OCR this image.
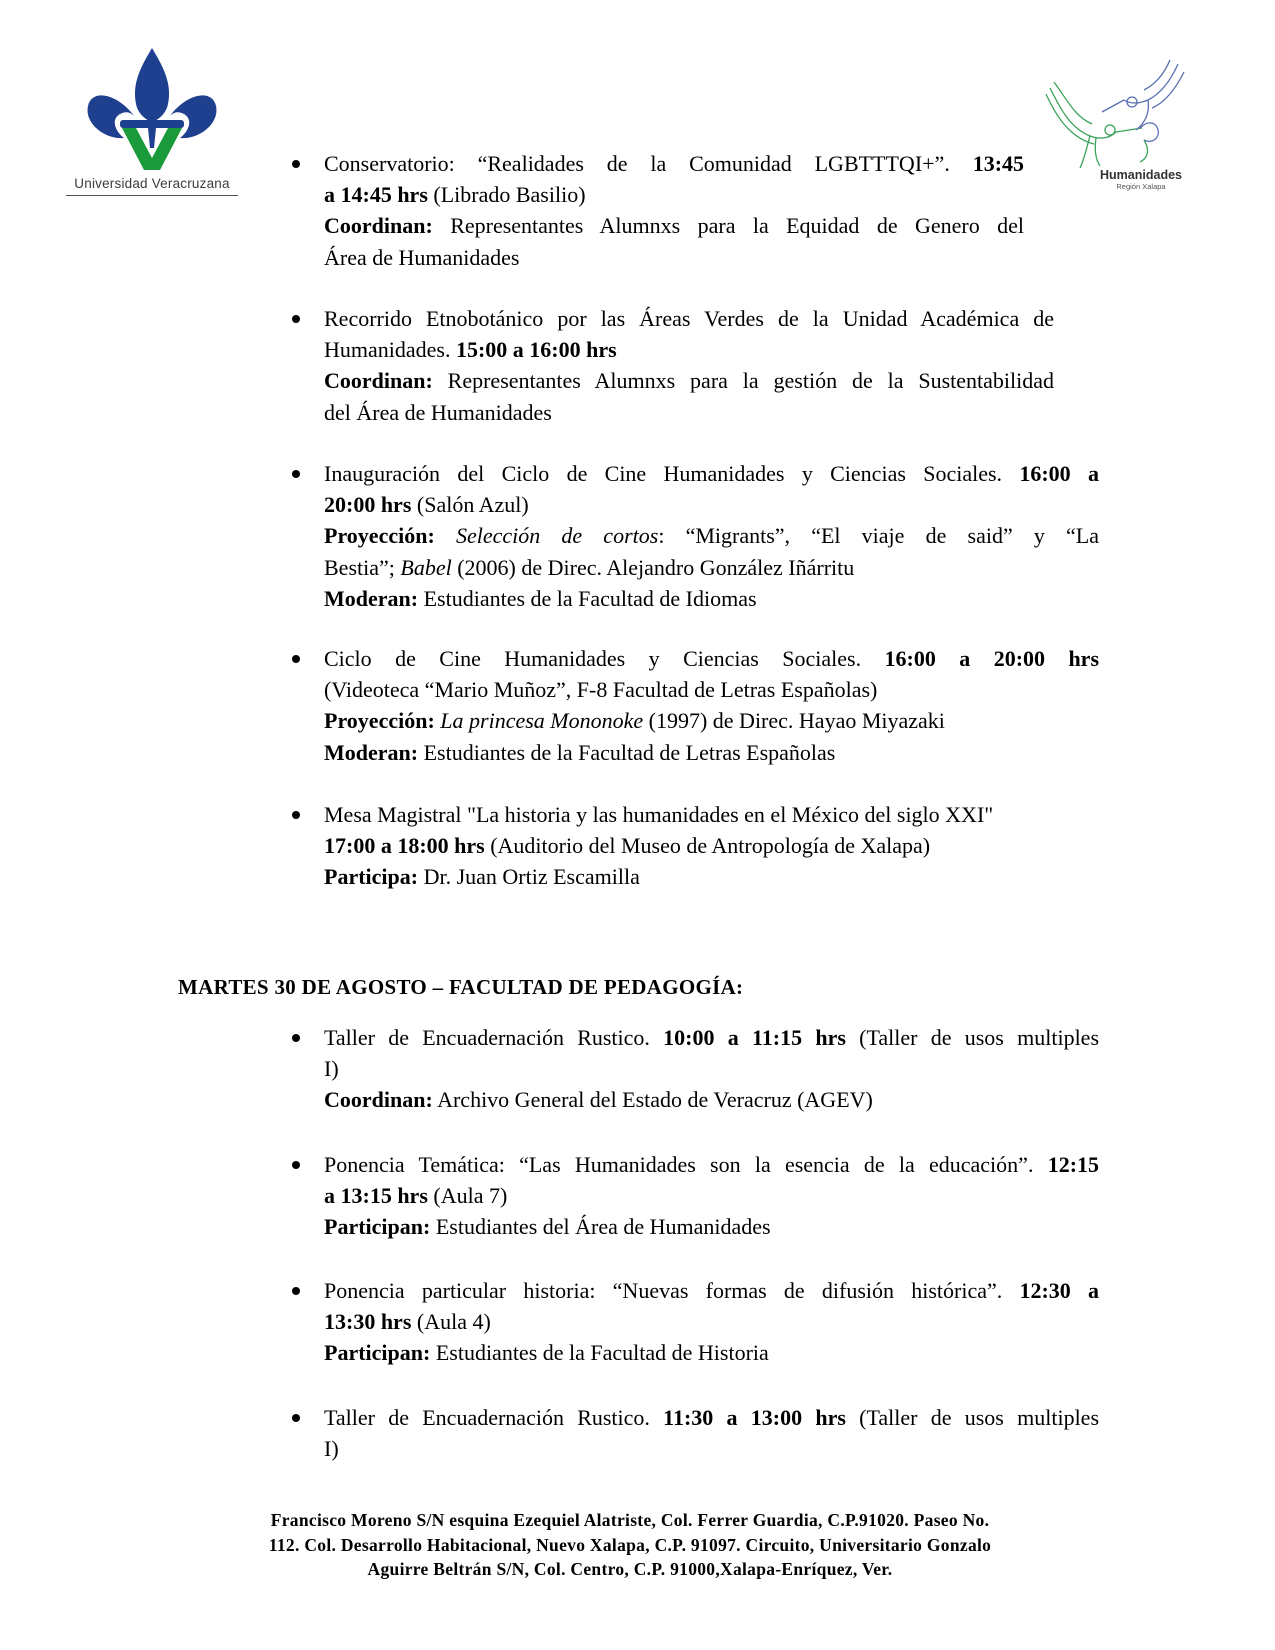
Universidad Veracruzana
Humanidades
Región Xalapa

Conservatorio: “Realidades de la Comunidad LGBTTTQI+”. 13:45

a 14:45 hrs (Librado Basilio)

Coordinan: Representantes Alumnxs para la Equidad de Genero del

Área de Humanidades

Recorrido Etnobotánico por las Áreas Verdes de la Unidad Académica de

Humanidades. 15:00 a 16:00 hrs

Coordinan: Representantes Alumnxs para la gestión de la Sustentabilidad

del Área de Humanidades

Inauguración del Ciclo de Cine Humanidades y Ciencias Sociales. 16:00 a

20:00 hrs (Salón Azul)

Proyección: Selección de cortos: “Migrants”, “El viaje de said” y “La

Bestia”; Babel (2006) de Direc. Alejandro González Iñárritu

Moderan: Estudiantes de la Facultad de Idiomas

Ciclo de Cine Humanidades y Ciencias Sociales. 16:00 a 20:00 hrs

(Videoteca “Mario Muñoz”, F-8 Facultad de Letras Españolas)

Proyección: La princesa Mononoke (1997) de Direc. Hayao Miyazaki

Moderan: Estudiantes de la Facultad de Letras Españolas

Mesa Magistral "La historia y las humanidades en el México del siglo XXI"

17:00 a 18:00 hrs (Auditorio del Museo de Antropología de Xalapa)

Participa: Dr. Juan Ortiz Escamilla

MARTES 30 DE AGOSTO – FACULTAD DE PEDAGOGÍA:

Taller de Encuadernación Rustico. 10:00 a 11:15 hrs (Taller de usos multiples

I)

Coordinan: Archivo General del Estado de Veracruz (AGEV)

Ponencia Temática: “Las Humanidades son la esencia de la educación”. 12:15

a 13:15 hrs (Aula 7)

Participan: Estudiantes del Área de Humanidades

Ponencia particular historia: “Nuevas formas de difusión histórica”. 12:30 a

13:30 hrs (Aula 4)

Participan: Estudiantes de la Facultad de Historia

Taller de Encuadernación Rustico. 11:30 a 13:00 hrs (Taller de usos multiples

I)

Francisco Moreno S/N esquina Ezequiel Alatriste, Col. Ferrer Guardia, C.P.91020. Paseo No.
112. Col. Desarrollo Habitacional, Nuevo Xalapa, C.P. 91097. Circuito, Universitario Gonzalo
Aguirre Beltrán S/N, Col. Centro, C.P. 91000,Xalapa-Enríquez, Ver.
